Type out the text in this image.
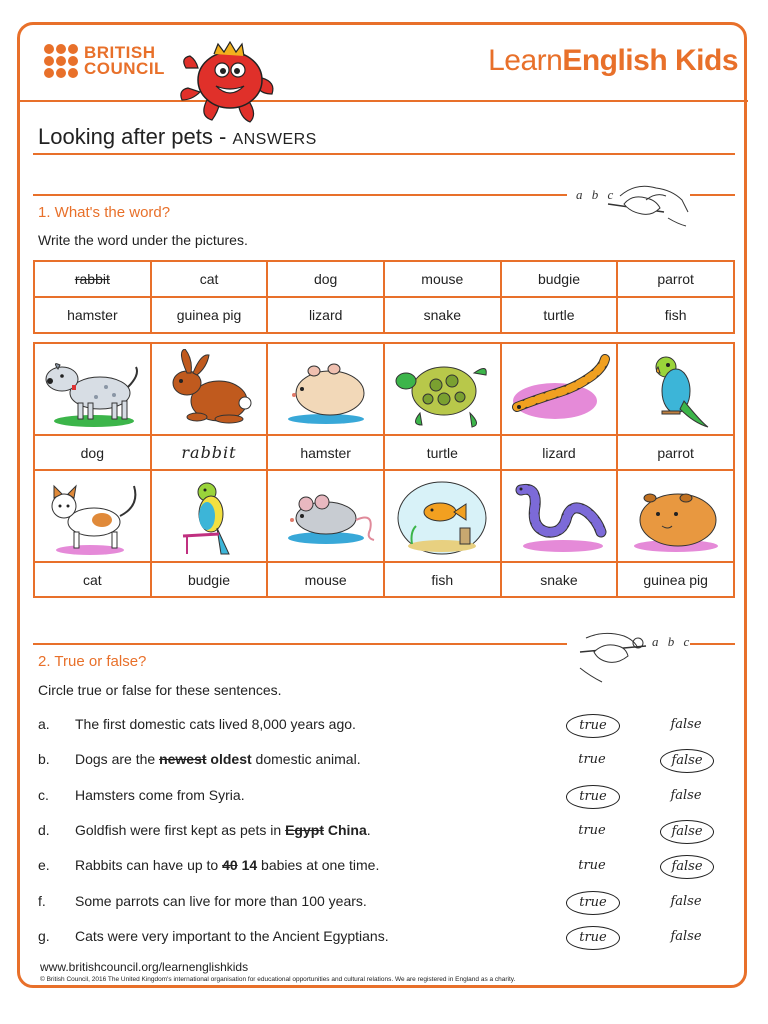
BRITISH
COUNCIL	LearnEnglish Kids
Looking after pets - ANSWERS
a b c
1. What's the word?
Write the word under the pictures.
rabbit	cat	dog	mouse	budgie	parrot
hamster	guinea pig	lizard	snake	turtle	fish

dog	rabbit	hamster	turtle	lizard	parrot

cat	budgie	mouse	fish	snake	guinea pig
a b c
2. True or false?
Circle true or false for these sentences.
a. The first domestic cats lived 8,000 years ago.	true	false
b. Dogs are the newest oldest domestic animal.	true	false
c. Hamsters come from Syria.	true	false
d. Goldfish were first kept as pets in Egypt China.	true	false
e. Rabbits can have up to 40 14 babies at one time.	true	false
f. Some parrots can live for more than 100 years.	true	false
g. Cats were very important to the Ancient Egyptians.	true	false
www.britishcouncil.org/learnenglishkids
© British Council, 2016 The United Kingdom's international organisation for educational opportunities and cultural relations. We are registered in England as a charity.
